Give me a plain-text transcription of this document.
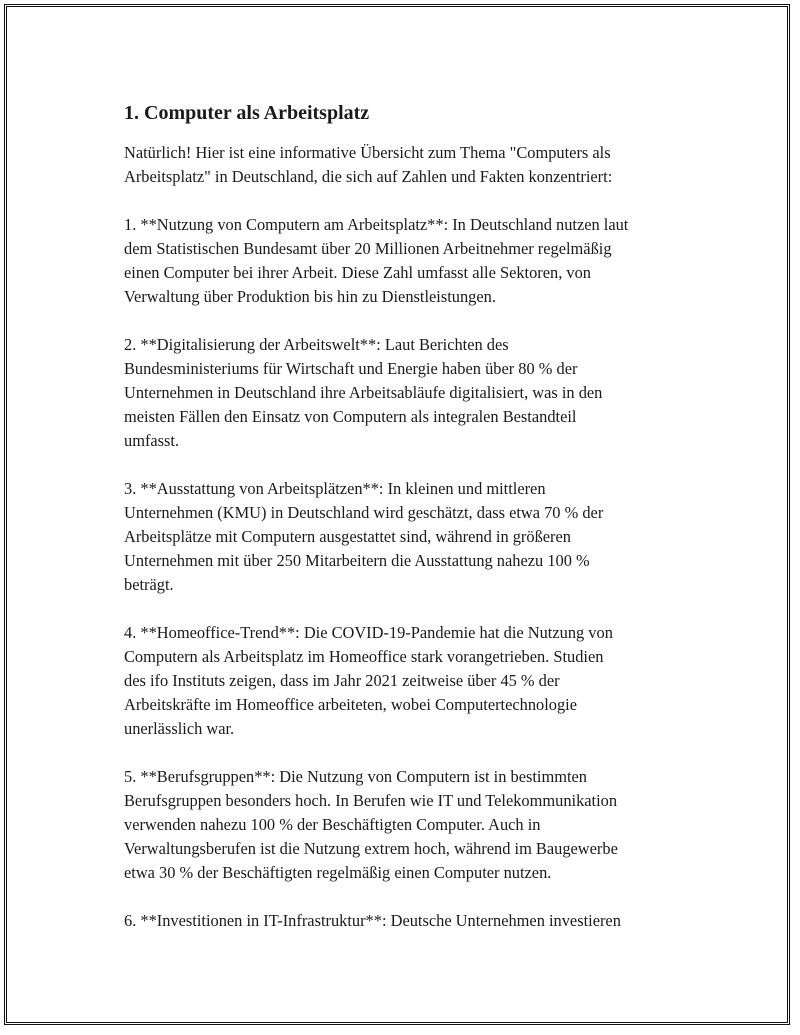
1. Computer als Arbeitsplatz

Natürlich! Hier ist eine informative Übersicht zum Thema "Computers als
Arbeitsplatz" in Deutschland, die sich auf Zahlen und Fakten konzentriert:

1. **Nutzung von Computern am Arbeitsplatz**: In Deutschland nutzen laut
dem Statistischen Bundesamt über 20 Millionen Arbeitnehmer regelmäßig
einen Computer bei ihrer Arbeit. Diese Zahl umfasst alle Sektoren, von
Verwaltung über Produktion bis hin zu Dienstleistungen.

2. **Digitalisierung der Arbeitswelt**: Laut Berichten des
Bundesministeriums für Wirtschaft und Energie haben über 80 % der
Unternehmen in Deutschland ihre Arbeitsabläufe digitalisiert, was in den
meisten Fällen den Einsatz von Computern als integralen Bestandteil
umfasst.

3. **Ausstattung von Arbeitsplätzen**: In kleinen und mittleren
Unternehmen (KMU) in Deutschland wird geschätzt, dass etwa 70 % der
Arbeitsplätze mit Computern ausgestattet sind, während in größeren
Unternehmen mit über 250 Mitarbeitern die Ausstattung nahezu 100 %
beträgt.

4. **Homeoffice-Trend**: Die COVID-19-Pandemie hat die Nutzung von
Computern als Arbeitsplatz im Homeoffice stark vorangetrieben. Studien
des ifo Instituts zeigen, dass im Jahr 2021 zeitweise über 45 % der
Arbeitskräfte im Homeoffice arbeiteten, wobei Computertechnologie
unerlässlich war.

5. **Berufsgruppen**: Die Nutzung von Computern ist in bestimmten
Berufsgruppen besonders hoch. In Berufen wie IT und Telekommunikation
verwenden nahezu 100 % der Beschäftigten Computer. Auch in
Verwaltungsberufen ist die Nutzung extrem hoch, während im Baugewerbe
etwa 30 % der Beschäftigten regelmäßig einen Computer nutzen.

6. **Investitionen in IT-Infrastruktur**: Deutsche Unternehmen investieren
